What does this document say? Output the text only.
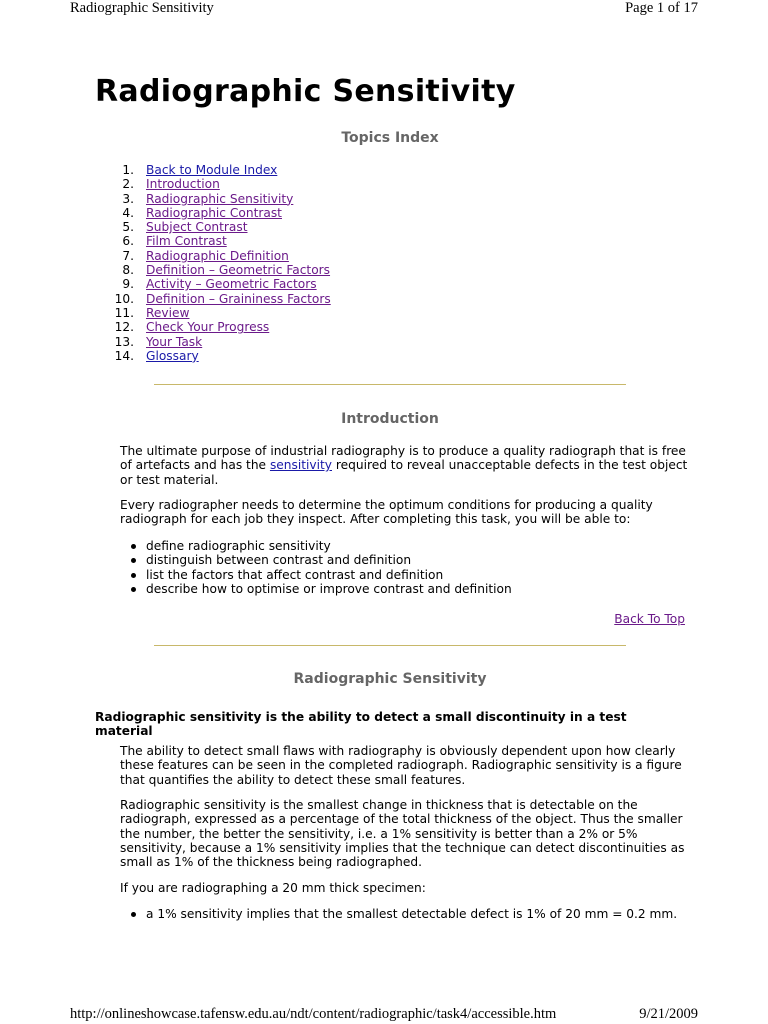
Radiographic Sensitivity	Page 1 of 17
Radiographic Sensitivity
Topics Index
1. Back to Module Index
2. Introduction
3. Radiographic Sensitivity
4. Radiographic Contrast
5. Subject Contrast
6. Film Contrast
7. Radiographic Definition
8. Definition – Geometric Factors
9. Activity – Geometric Factors
10. Definition – Graininess Factors
11. Review
12. Check Your Progress
13. Your Task
14. Glossary
Introduction

The ultimate purpose of industrial radiography is to produce a quality radiograph that is free of artefacts and has the sensitivity required to reveal unacceptable defects in the test object or test material.

Every radiographer needs to determine the optimum conditions for producing a quality radiograph for each job they inspect. After completing this task, you will be able to:

define radiographic sensitivity
distinguish between contrast and definition
list the factors that affect contrast and definition
describe how to optimise or improve contrast and definition
Back To Top
Radiographic Sensitivity

Radiographic sensitivity is the ability to detect a small discontinuity in a test material

The ability to detect small flaws with radiography is obviously dependent upon how clearly these features can be seen in the completed radiograph. Radiographic sensitivity is a figure that quantifies the ability to detect these small features.

Radiographic sensitivity is the smallest change in thickness that is detectable on the radiograph, expressed as a percentage of the total thickness of the object. Thus the smaller the number, the better the sensitivity, i.e. a 1% sensitivity is better than a 2% or 5% sensitivity, because a 1% sensitivity implies that the technique can detect discontinuities as small as 1% of the thickness being radiographed.

If you are radiographing a 20 mm thick specimen:

a 1% sensitivity implies that the smallest detectable defect is 1% of 20 mm = 0.2 mm.
http://onlineshowcase.tafensw.edu.au/ndt/content/radiographic/task4/accessible.htm	9/21/2009
